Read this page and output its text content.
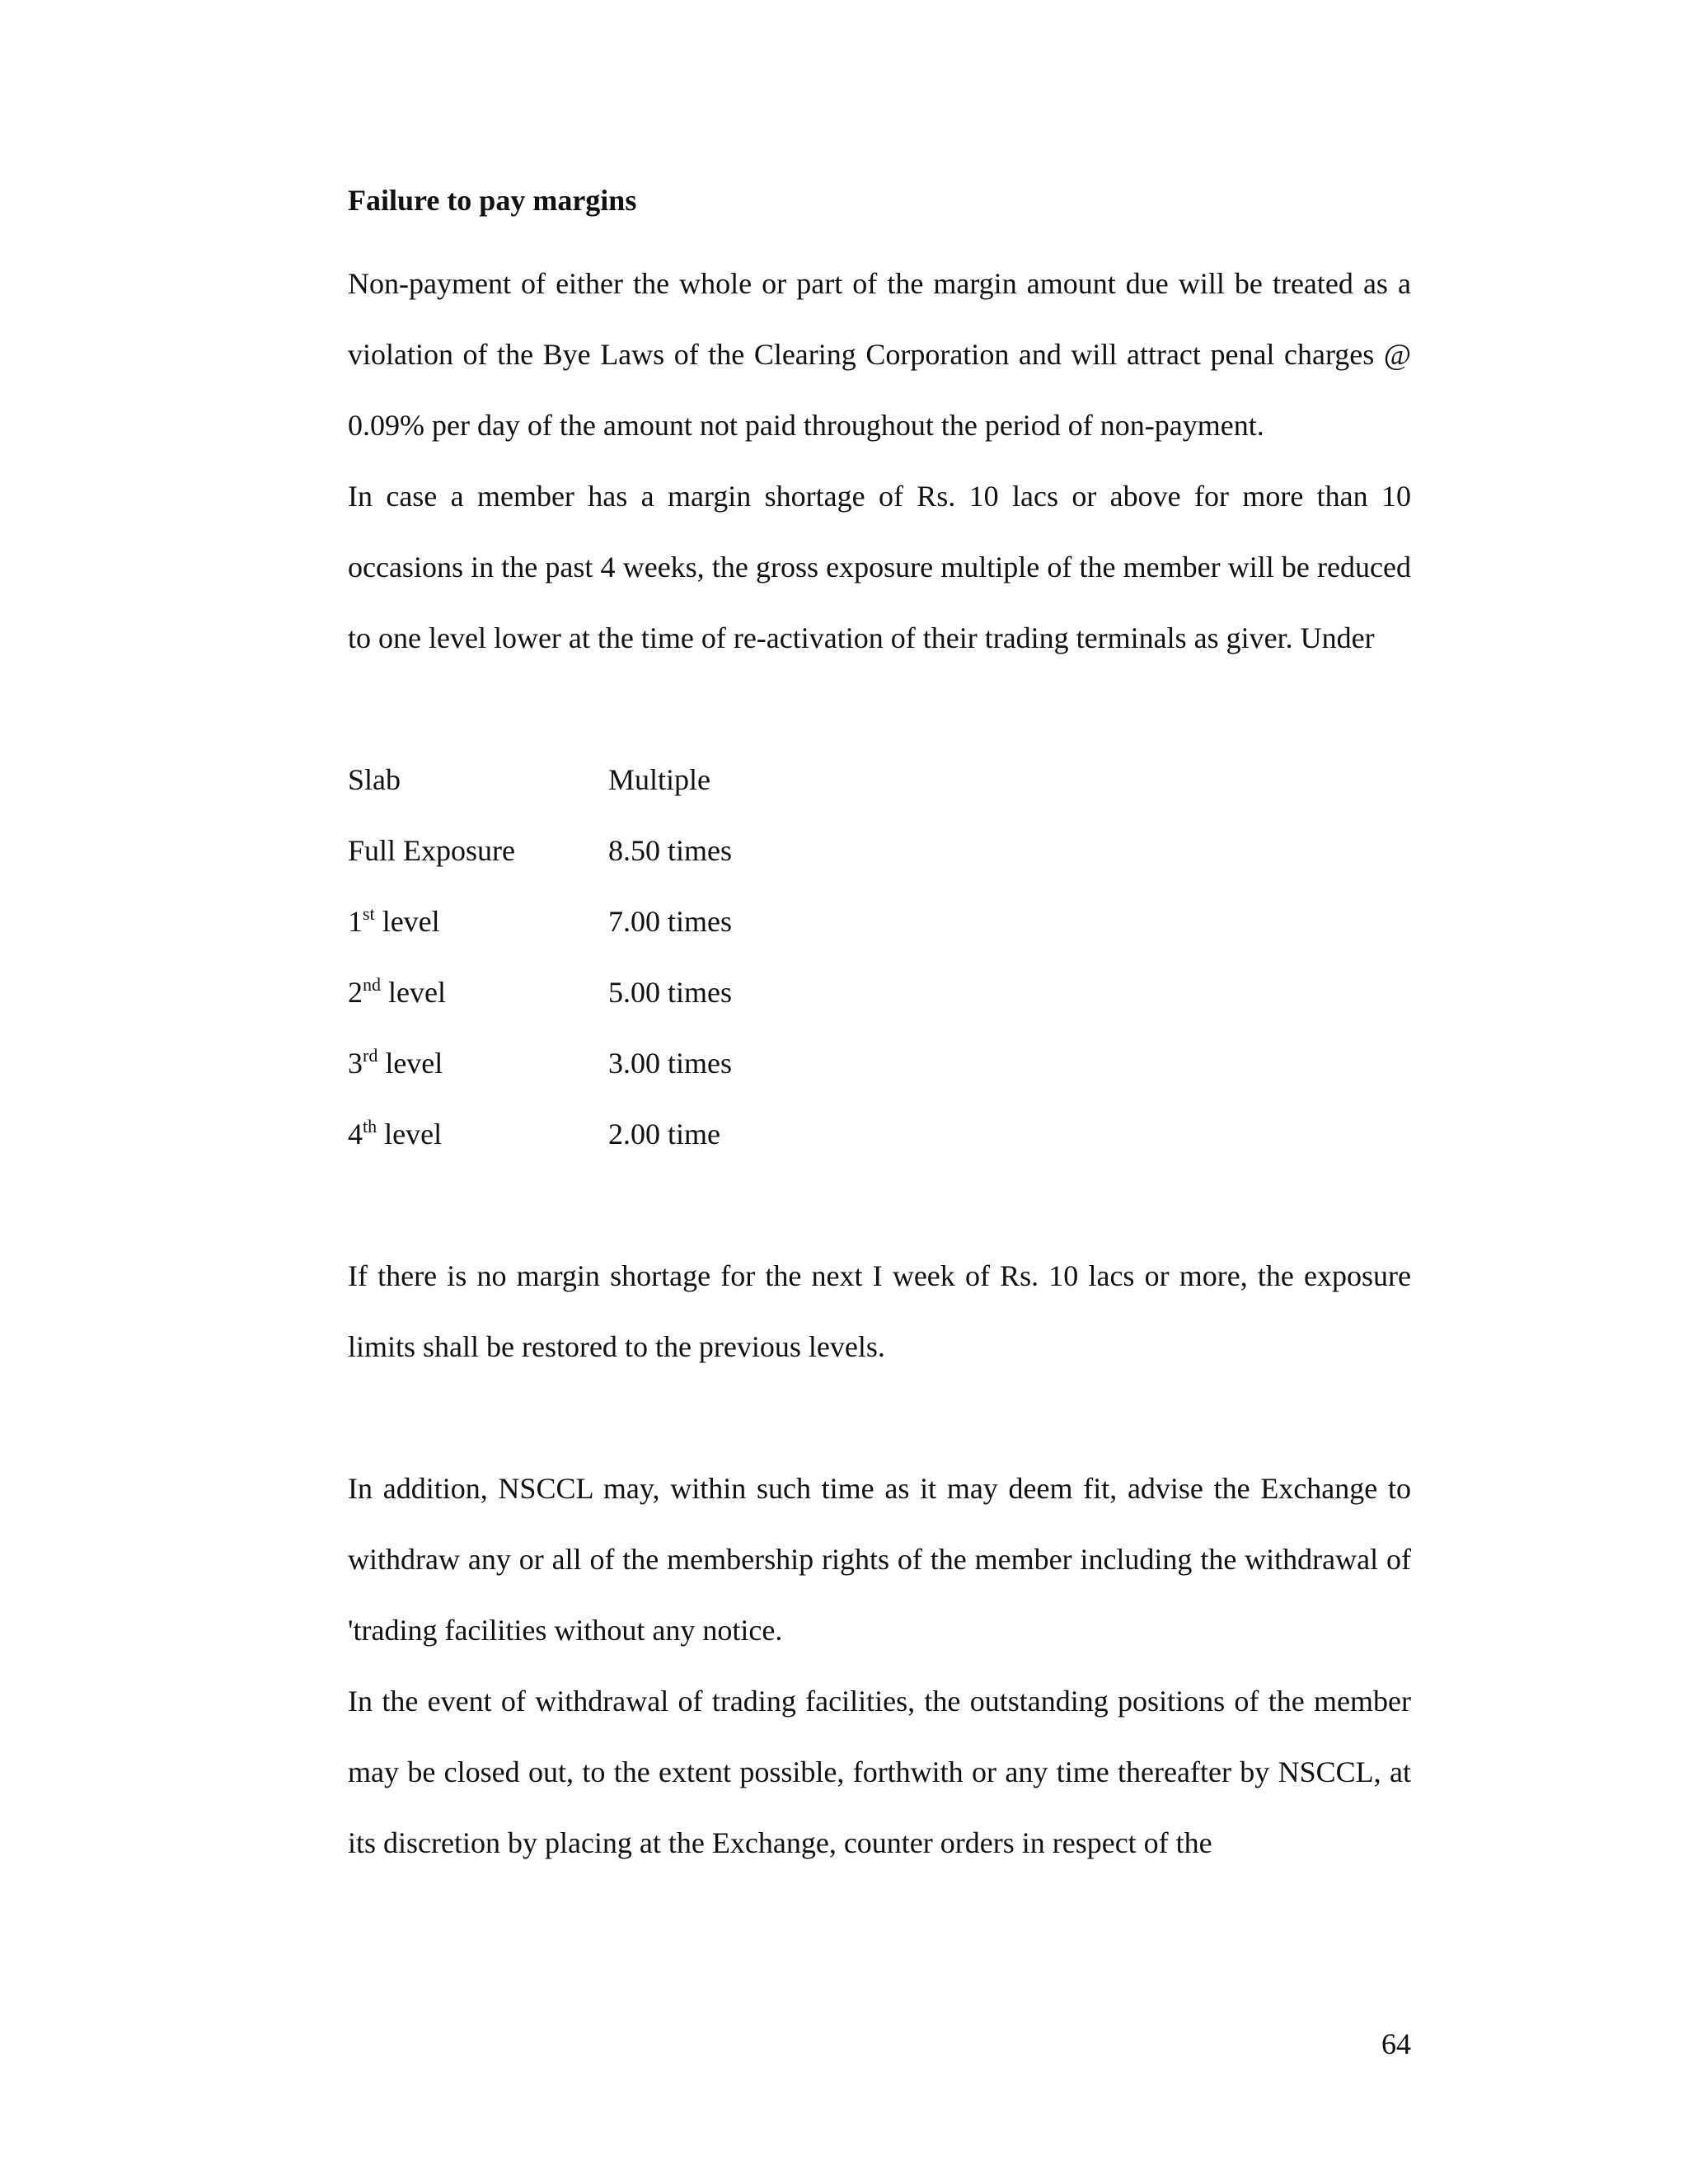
Failure to pay margins

Non-payment of either the whole or part of the margin amount due will be treated as a violation of the Bye Laws of the Clearing Corporation and will attract penal charges @ 0.09% per day of the amount not paid throughout the period of non-payment.

In case a member has a margin shortage of Rs. 10 lacs or above for more than 10 occasions in the past 4 weeks, the gross exposure multiple of the member will be reduced to one level lower at the time of re-activation of their trading terminals as giver. Under

Slab	Multiple
Full Exposure	8.50 times
1st level	7.00 times
2nd level	5.00 times
3rd level	3.00 times
4th level	2.00 time

If there is no margin shortage for the next I week of Rs. 10 lacs or more, the exposure limits shall be restored to the previous levels.

In addition, NSCCL may, within such time as it may deem fit, advise the Exchange to withdraw any or all of the membership rights of the member including the withdrawal of 'trading facilities without any notice.

In the event of withdrawal of trading facilities, the outstanding positions of the member may be closed out, to the extent possible, forthwith or any time thereafter by NSCCL, at its discretion by placing at the Exchange, counter orders in respect of the

64
